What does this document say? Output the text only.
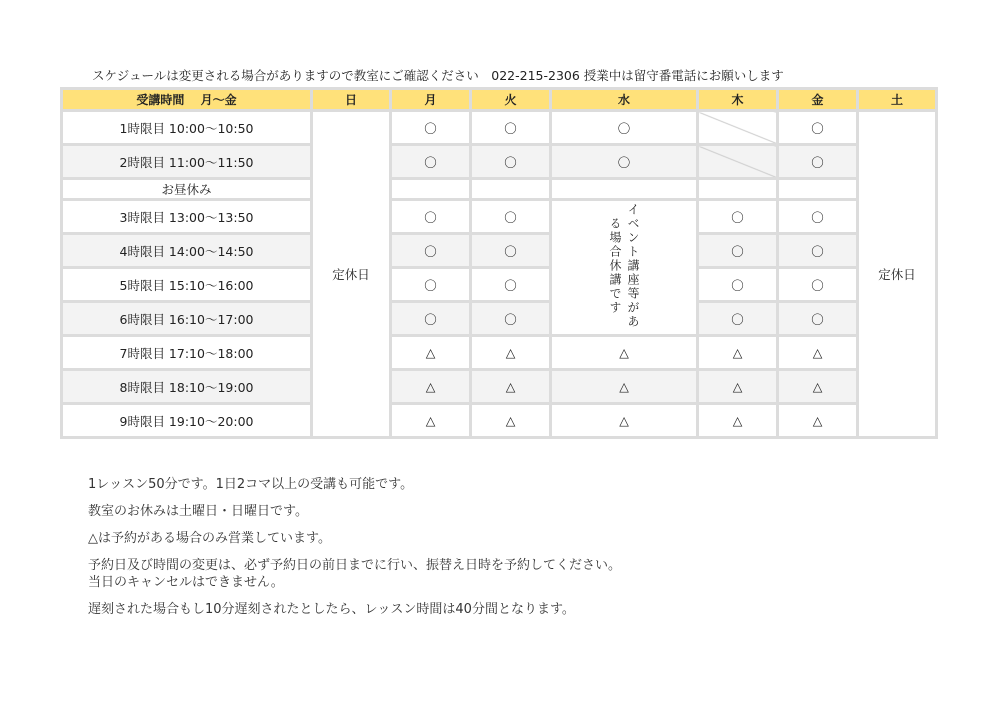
スケジュールは変更される場合がありますので教室にご確認ください　022-215-2306 授業中は留守番電話にお願いします
受講時間　 月〜金	日	月	火	水	木	金	土
1時限目 10:00〜10:50	定休日	〇	〇	〇		〇	定休日
2時限目 11:00〜11:50		〇	〇	〇		〇	
お昼休み							
3時限目 13:00〜13:50		〇	〇	イベント講座等がある場合休講です	〇	〇	
4時限目 14:00〜14:50		〇	〇		〇	〇	
5時限目 15:10〜16:00		〇	〇		〇	〇	
6時限目 16:10〜17:00		〇	〇		〇	〇	
7時限目 17:10〜18:00		△	△	△	△	△	
8時限目 18:10〜19:00		△	△	△	△	△	
9時限目 19:10〜20:00		△	△	△	△	△	

1レッスン50分です。1日2コマ以上の受講も可能です。

教室のお休みは土曜日・日曜日です。

△は予約がある場合のみ営業しています。

予約日及び時間の変更は、必ず予約日の前日までに行い、振替え日時を予約してください。

当日のキャンセルはできません。

遅刻された場合もし10分遅刻されたとしたら、レッスン時間は40分間となります。
